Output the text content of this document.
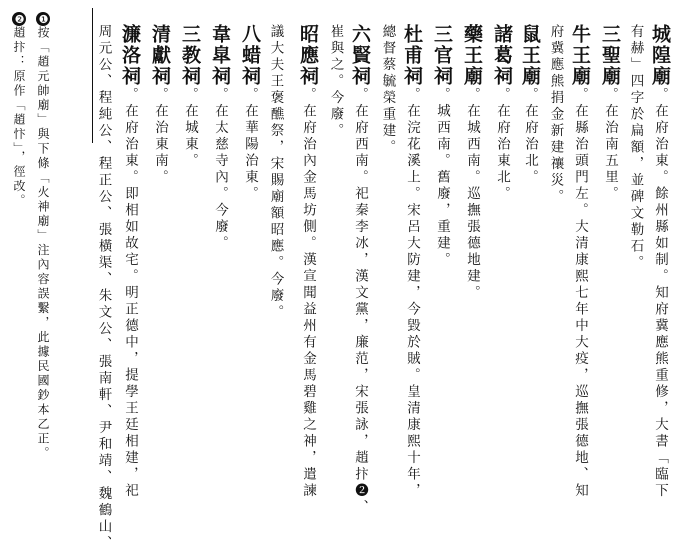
城隍廟。在府治東。餘州縣如制。知府冀應熊重修，大書「臨下
有赫」四字於扁額，並碑文勒石。
三聖廟。在治南五里。
牛王廟。在縣治頭門左。大清康熙七年中大疫，巡撫張德地、知
府冀應熊捐金新建禳災。
鼠王廟。在府治北。
諸葛祠。在府治東北。
藥王廟。在城西南。巡撫張德地建。
三官祠。城西南。舊廢，重建。
杜甫祠。在浣花溪上。宋呂大防建，今毀於賊。皇清康熙十年，
總督蔡毓榮重建。
六賢祠。在府西南。祀秦李冰，漢文黨，廉范，宋張詠，趙抃❷、
崔與之。今廢。
昭應祠。在府治內金馬坊側。漢宣聞益州有金馬碧雞之神，遣諫
議大夫王褒醮祭，宋賜廟額昭應。今廢。
八蜡祠。在華陽治東。
韋皐祠。在太慈寺內。今廢。
三教祠。在城東。
清獻祠。在治東南。
濂洛祠。在府治東。即相如故宅。明正德中，提學王廷相建，祀
周元公、程純公、程正公、張橫渠、朱文公、張南軒、尹和靖、魏鶴山、
❶按「趙元帥廟」與下條「火神廟」注內容誤繫，此據民國鈔本乙正。
❷趙抃：原作「趙忭」，徑改。
